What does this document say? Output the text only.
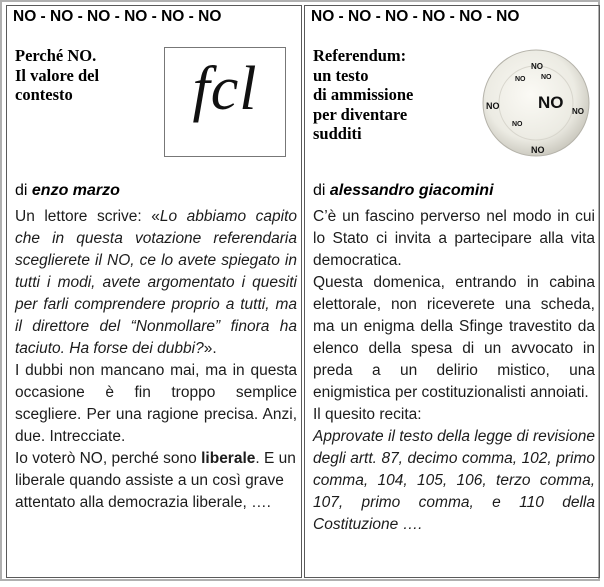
NO - NO - NO - NO - NO - NO
Perché NO.
Il valore del
contesto	fcl
di enzo marzo

Un lettore scrive: «Lo abbiamo capito che in questa votazione referendaria sceglierete il NO, ce lo avete spiegato in tutti i modi, avete argomentato i quesiti per farli comprendere proprio a tutti, ma il direttore del “Nonmollare” finora ha taciuto. Ha forse dei dubbi?».

I dubbi non mancano mai, ma in questa occasione è fin troppo semplice scegliere. Per una ragione precisa. Anzi, due. Intrecciate.

Io voterò NO, perché sono liberale. E un liberale quando assiste a un così grave attentato alla democrazia liberale, ….

NO - NO - NO - NO - NO - NO
Referendum:
un testo
di ammissione
per diventare
sudditi
NO
NO NO
NO
NO
NO
NO
NO
di alessandro giacomini

C’è un fascino perverso nel modo in cui lo Stato ci invita a partecipare alla vita democratica.

Questa domenica, entrando in cabina elettorale, non riceverete una scheda, ma un enigma della Sfinge travestito da elenco della spesa di un avvocato in preda a un delirio mistico, una enigmistica per costituzionalisti annoiati.

Il quesito recita:

Approvate il testo della legge di revisione degli artt. 87, decimo comma, 102, primo comma, 104, 105, 106, terzo comma, 107, primo comma, e 110 della Costituzione ….
